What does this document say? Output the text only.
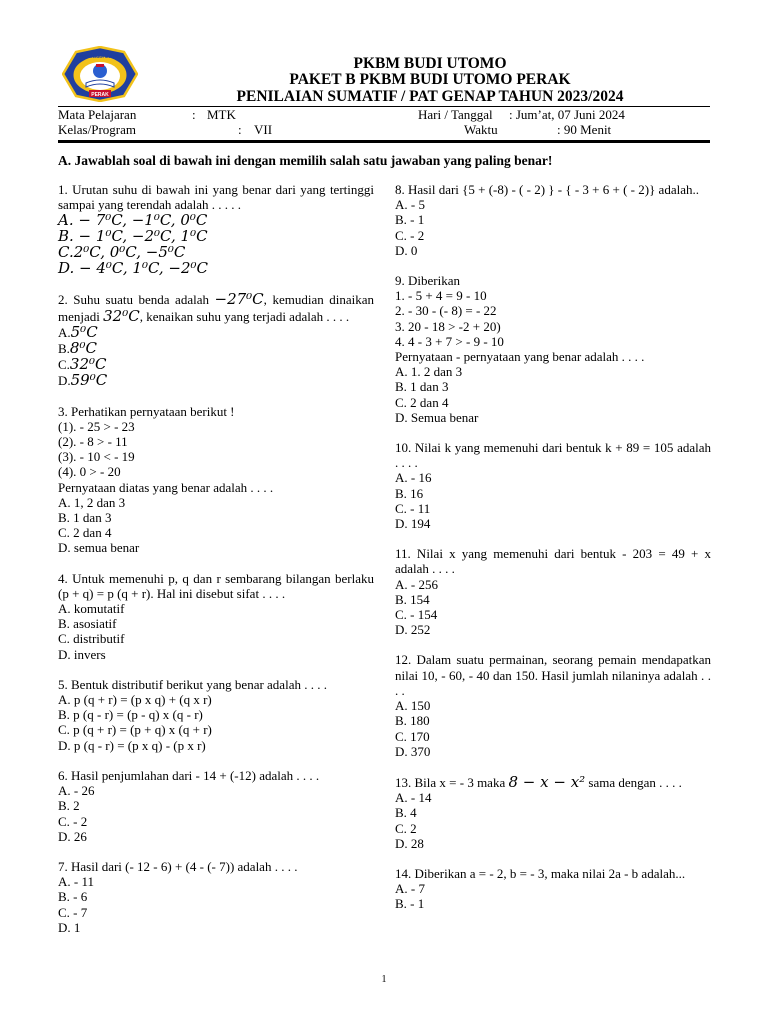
PERAK
PKBM BUDI UTOMO	PKBM BUDI UTOMO
PAKET B PKBM BUDI UTOMO PERAK
PENILAIAN SUMATIF / PAT GENAP TAHUN 2023/2024
Mata Pelajaran	: MTK	Hari / Tanggal : Jum’at, 07 Juni 2024
Kelas/Program	: VII	Waktu	: 90 Menit
A. Jawablah soal di bawah ini dengan memilih salah satu jawaban yang paling benar!
1. Urutan suhu di bawah ini yang benar dari yang tertinggi sampai yang terendah adalah . . . . .
A. − 7⁰C, −1⁰C, 0⁰C
B. − 1⁰C, −2⁰C, 1⁰C
C.2⁰C, 0⁰C, −5⁰C
D. − 4⁰C, 1⁰C, −2⁰C
2. Suhu suatu benda adalah −27⁰C, kemudian dinaikan menjadi 32⁰C, kenaikan suhu yang terjadi adalah . . . .
A.5⁰C
B.8⁰C
C.32⁰C
D.59⁰C
3. Perhatikan pernyataan berikut !
(1). - 25 > - 23
(2). - 8 > - 11
(3). - 10 < - 19
(4). 0 > - 20
Pernyataan diatas yang benar adalah . . . .
A. 1, 2 dan 3
B. 1 dan 3
C. 2 dan 4
D. semua benar
4. Untuk memenuhi p, q dan r sembarang bilangan berlaku (p + q) = p (q + r). Hal ini disebut sifat . . . .
A. komutatif
B. asosiatif
C. distributif
D. invers
5. Bentuk distributif berikut yang benar adalah . . . .
A. p (q + r) = (p x q) + (q x r)
B. p (q - r) = (p - q) x (q - r)
C. p (q + r) = (p + q) x (q + r)
D. p (q - r) = (p x q) - (p x r)
6. Hasil penjumlahan dari - 14 + (-12) adalah . . . .
A. - 26
B. 2
C. - 2
D. 26
7. Hasil dari (- 12 - 6) + (4 - (- 7)) adalah . . . .
A. - 11
B. - 6
C. - 7
D. 1
8. Hasil dari {5 + (-8) - ( - 2) } - { - 3 + 6 + ( - 2)} adalah..
A. - 5
B. - 1
C. - 2
D. 0
9. Diberikan
1. - 5 + 4 = 9 - 10
2. - 30 - (- 8) = - 22
3. 20 - 18 > -2 + 20)
4. 4 - 3 + 7 > - 9 - 10
Pernyataan - pernyataan yang benar adalah . . . .
A. 1. 2 dan 3
B. 1 dan 3
C. 2 dan 4
D. Semua benar
10. Nilai k yang memenuhi dari bentuk k + 89 = 105 adalah . . . .
A. - 16
B. 16
C. - 11
D. 194
11. Nilai x yang memenuhi dari bentuk - 203 = 49 + x adalah . . . .
A. - 256
B. 154
C. - 154
D. 252
12. Dalam suatu permainan, seorang pemain mendapatkan nilai 10, - 60, - 40 dan 150. Hasil jumlah nilaninya adalah . . . .
A. 150
B. 180
C. 170
D. 370
13. Bila x = - 3 maka 8 − x − x² sama dengan . . . .
A. - 14
B. 4
C. 2
D. 28
14. Diberikan a = - 2, b = - 3, maka nilai 2a - b adalah...
A. - 7
B. - 1
1
